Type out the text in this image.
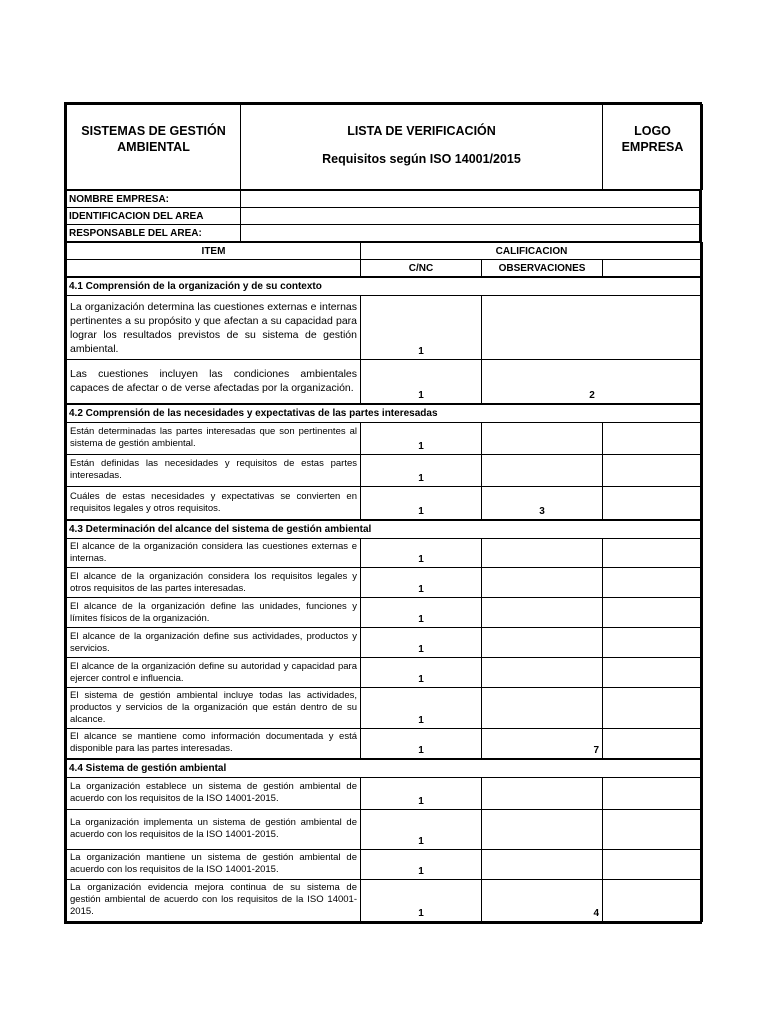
SISTEMAS DE GESTIÓN AMBIENTAL	LISTA DE VERIFICACIÓN
Requisitos según ISO 14001/2015
	LOGO EMPRESA
NOMBRE EMPRESA:	
IDENTIFICACION DEL AREA	
RESPONSABLE DEL AREA:	
ITEM	CALIFICACION		
	C/NC	OBSERVACIONES	
4.1 Comprensión de la organización y de su contexto			
La organización determina las cuestiones externas e internas pertinentes a su propósito y que afectan a su capacidad para lograr los resultados previstos de su sistema de gestión ambiental.	1		
Las cuestiones incluyen las condiciones ambientales capaces de afectar o de verse afectadas por la organización.	1	2	
4.2 Comprensión de las necesidades y expectativas de las partes interesadas			
Están determinadas las partes interesadas que son pertinentes al sistema de gestión ambiental.	1		
Están definidas las necesidades y requisitos de estas partes interesadas.	1		
Cuáles de estas necesidades y expectativas se convierten en requisitos legales y otros requisitos.	1	3	
4.3 Determinación del alcance del sistema de gestión ambiental			
El alcance de la organización considera las cuestiones externas e internas.	1		
El alcance de la organización considera los requisitos legales y otros requisitos de las partes interesadas.	1		
El alcance de la organización define las unidades, funciones y límites físicos de la organización.	1		
El alcance de la organización define sus actividades, productos y servicios.	1		
El alcance de la organización define su autoridad y capacidad para ejercer control e influencia.	1		
El sistema de gestión ambiental incluye todas las actividades, productos y servicios de la organización que están dentro de su alcance.	1		
El alcance se mantiene como información documentada y está disponible para las partes interesadas.	1	7	
4.4 Sistema de gestión ambiental			
La organización establece un sistema de gestión ambiental de acuerdo con los requisitos de la ISO 14001-2015.	1		
La organización implementa un sistema de gestión ambiental de acuerdo con los requisitos de la ISO 14001-2015.	1		
La organización mantiene un sistema de gestión ambiental de acuerdo con los requisitos de la ISO 14001-2015.	1		
La organización evidencia mejora continua de su sistema de gestión ambiental de acuerdo con los requisitos de la ISO 14001-2015.	1	4	
